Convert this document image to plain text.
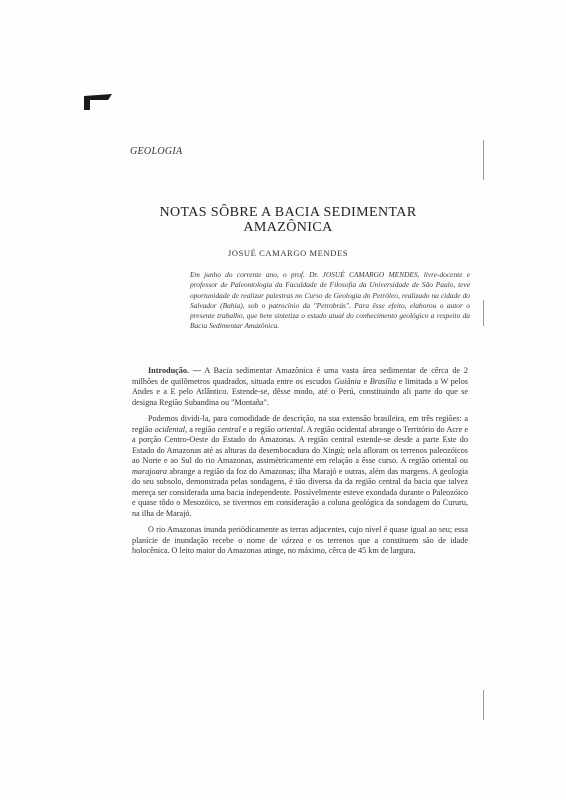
GEOLOGIA
NOTAS SÔBRE A BACIA SEDIMENTAR
AMAZÔNICA
JOSUÉ CAMARGO MENDES
Em junho do corrente ano, o prof. Dr. JOSUÉ CAMARGO MENDES, livre-docente e professor de Paleontologia da Faculdade de Filosofia da Universidade de São Paulo, teve oportunidade de realizar palestras no Curso de Geologia do Petróleo, realizado na cidade do Salvador (Bahia), sob o patrocínio da "Petrobrás". Para êsse efeito, elaborou o autor o presente trabalho, que bem sintetiza o estado atual do conhecimento geológico a respeito da Bacia Sedimentar Amazônica.

Introdução. — A Bacia sedimentar Amazônica é uma vasta área sedimentar de cêrca de 2 milhões de quilômetros quadrados, situada entre os escudos Guiânia e Brasília e limitada a W pelos Andes e a E pelo Atlântico. Estende-se, dêsse modo, até o Perú, constituindo ali parte do que se designa Região Subandina ou "Montaña".

Podemos dividi-la, para comodidade de descrição, na sua extensão brasileira, em três regiões: a região ocidental, a região central e a região oriental. A região ocidental abrange o Território do Acre e a porção Centro-Oeste do Estado do Amazonas. A região central estende-se desde a parte Este do Estado do Amazonas até as alturas da desembocadura do Xingú; nela afloram os terrenos paleozóicos ao Norte e ao Sul do rio Amazonas, assimètricamente em relação a êsse curso. A região oriental ou marajoara abrange a região da foz do Amazonas; ilha Marajó e outras, além das margens. A geologia do seu subsolo, demonstrada pelas sondagens, é tão diversa da da região central da bacia que talvez mereça ser considerada uma bacia independente. Possìvelmente esteve exondada durante o Paleozóico e quase tôdo o Mesozóico, se tivermos em consideração a coluna geológica da sondagem do Cururu, na ilha de Marajó.

O rio Amazonas inunda periòdicamente as terras adjacentes, cujo nível é quase igual ao seu; essa planície de inundação recebe o nome de várzea e os terrenos que a constituem são de idade holocênica. O leito maior do Amazonas atinge, no máximo, cêrca de 45 km de largura.
